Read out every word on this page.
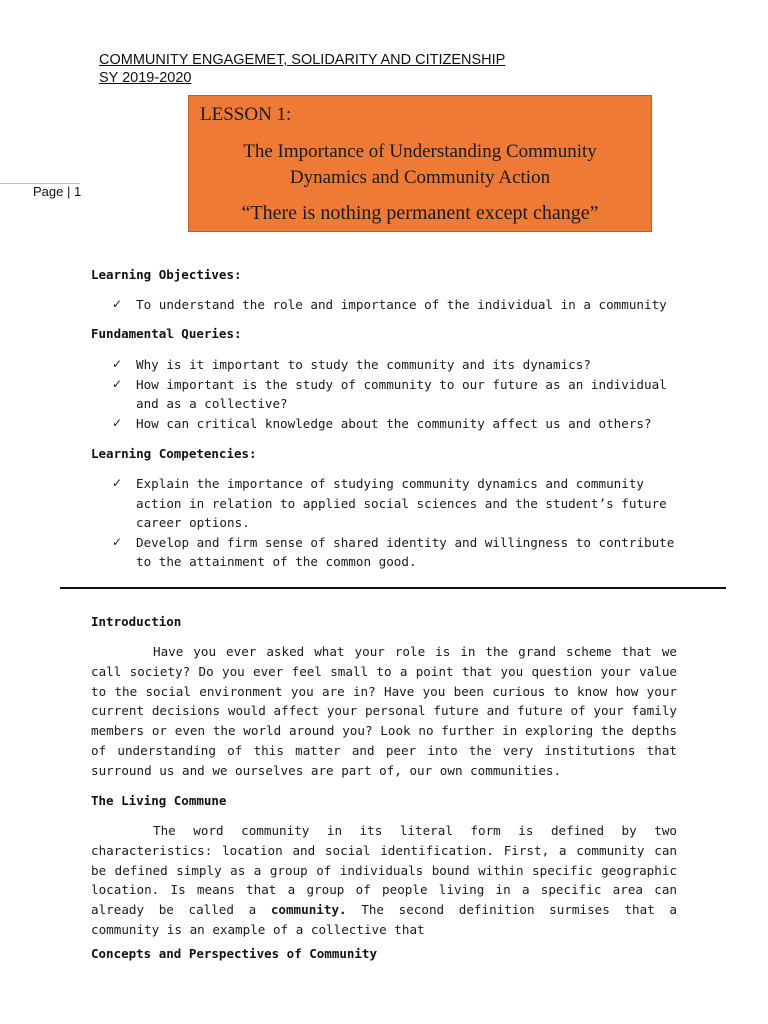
COMMUNITY ENGAGEMET, SOLIDARITY AND CITIZENSHIP
SY 2019-2020
Page | 1
LESSON 1:
The Importance of Understanding Community
Dynamics and Community Action
“There is nothing permanent except change”
Learning Objectives:
✓ To understand the role and importance of the individual in a community
Fundamental Queries:
✓ Why is it important to study the community and its dynamics?
✓ How important is the study of community to our future as an individual and as a collective?
✓ How can critical knowledge about the community affect us and others?
Learning Competencies:
✓ Explain the importance of studying community dynamics and community action in relation to applied social sciences and the student’s future career options.
✓ Develop and firm sense of shared identity and willingness to contribute to the attainment of the common good.
Introduction

Have you ever asked what your role is in the grand scheme that we call society? Do you ever feel small to a point that you question your value to the social environment you are in? Have you been curious to know how your current decisions would affect your personal future and future of your family members or even the world around you? Look no further in exploring the depths of understanding of this matter and peer into the very institutions that surround us and we ourselves are part of, our own communities.

The Living Commune

The word community in its literal form is defined by two characteristics: location and social identification. First, a community can be defined simply as a group of individuals bound within specific geographic location. Is means that a group of people living in a specific area can already be called a community. The second definition surmises that a community is an example of a collective that

Concepts and Perspectives of Community
